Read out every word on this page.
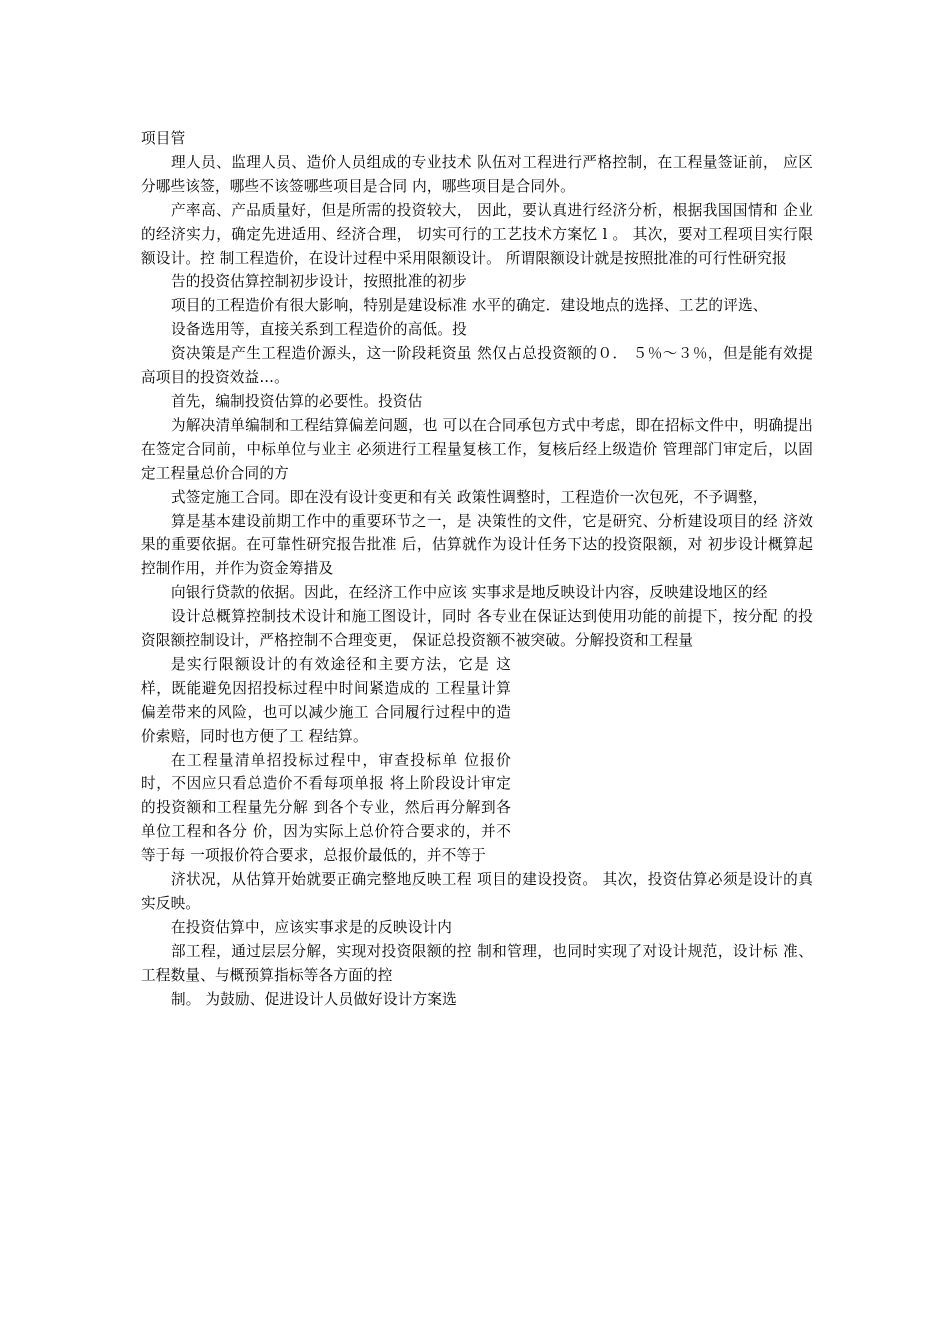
项目管

理人员、监理人员、造价人员组成的专业技术 队伍对工程进行严格控制，在工程量签证前， 应区分哪些该签，哪些不该签哪些项目是合同 内，哪些项目是合同外。

产率高、产品质量好，但是所需的投资较大， 因此，要认真进行经济分析，根据我国国情和 企业的经济实力，确定先进适用、经济合理， 切实可行的工艺技术方案忆 l 。 其次，要对工程项目实行限额设计。控 制工程造价，在设计过程中采用限额设计。 所谓限额设计就是按照批准的可行性研究报

告的投资估算控制初步设计，按照批准的初步

项目的工程造价有很大影响，特别是建设标准 水平的确定．建设地点的选择、工艺的评选、

设备选用等，直接关系到工程造价的高低。投

资决策是产生工程造价源头，这一阶段耗资虽 然仅占总投资额的０． ５％～３％，但是能有效提 高项目的投资效益…。

首先，编制投资估算的必要性。投资估

为解决清单编制和工程结算偏差问题，也 可以在合同承包方式中考虑，即在招标文件中，明确提出在签定合同前，中标单位与业主 必须进行工程量复核工作，复核后经上级造价 管理部门审定后，以固定工程量总价合同的方

式签定施工合同。即在没有设计变更和有关 政策性调整时，工程造价一次包死，不予调整，

算是基本建设前期工作中的重要环节之一，是 决策性的文件，它是研究、分析建设项目的经 济效果的重要依据。在可靠性研究报告批准 后，估算就作为设计任务下达的投资限额，对 初步设计概算起控制作用，并作为资金筹措及

向银行贷款的依据。因此，在经济工作中应该 实事求是地反映设计内容，反映建设地区的经

设计总概算控制技术设计和施工图设计，同时 各专业在保证达到使用功能的前提下，按分配 的投资限额控制设计，严格控制不合理变更， 保证总投资额不被突破。分解投资和工程量

是实行限额设计的有效途径和主要方法，它是 这样，既能避免因招投标过程中时间紧造成的 工程量计算偏差带来的风险，也可以减少施工 合同履行过程中的造价索赔，同时也方便了工 程结算。

在工程量清单招投标过程中，审查投标单 位报价时，不因应只看总造价不看每项单报 将上阶段设计审定的投资额和工程量先分解 到各个专业，然后再分解到各单位工程和各分 价，因为实际上总价符合要求的，并不等于每 一项报价符合要求，总报价最低的，并不等于

济状况，从估算开始就要正确完整地反映工程 项目的建设投资。 其次，投资估算必须是设计的真实反映。

在投资估算中，应该实事求是的反映设计内

部工程，通过层层分解，实现对投资限额的控 制和管理，也同时实现了对设计规范，设计标 准、工程数量、与概预算指标等各方面的控

制。 为鼓励、促进设计人员做好设计方案选
